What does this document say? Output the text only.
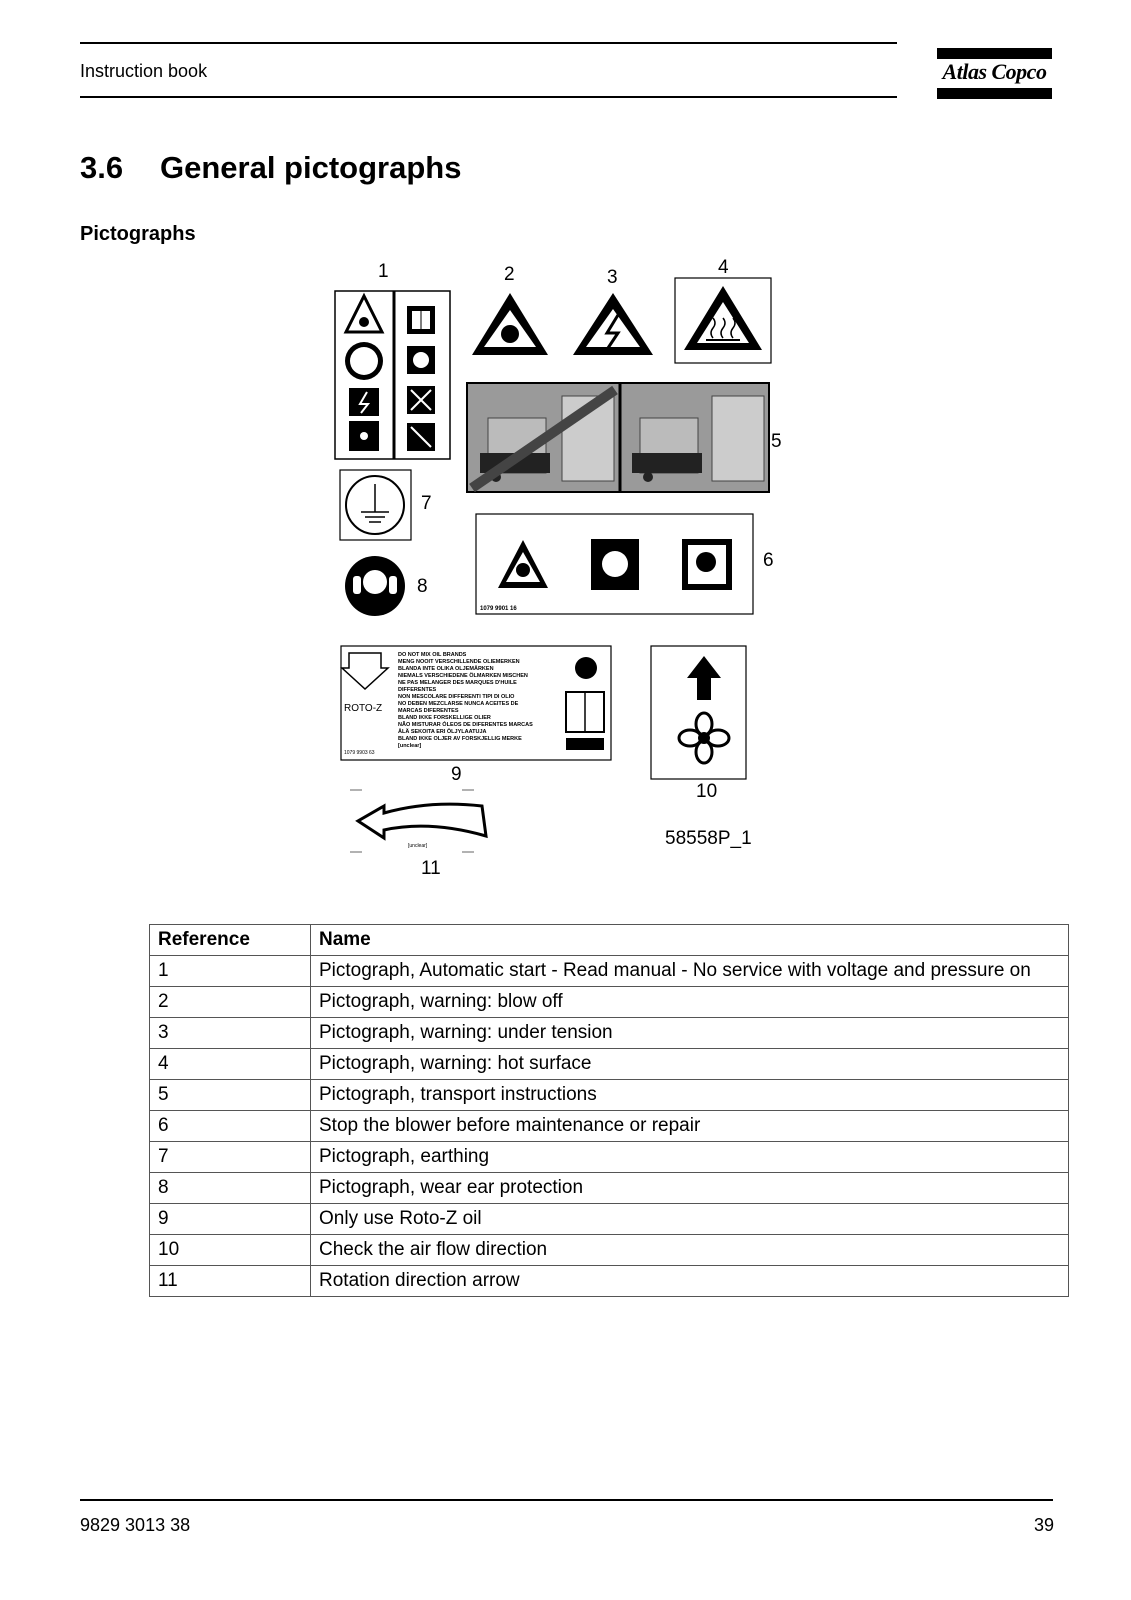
Instruction book	Atlas Copco
3.6 General pictographs
Pictographs
1079 9901 16
ROTO-Z
1079 9903 63
DO NOT MIX OIL BRANDS
MENG NOOIT VERSCHILLENDE OLIEMERKEN
BLANDA INTE OLIKA OLJEMÄRKEN
NIEMALS VERSCHIEDENE ÖLMARKEN MISCHEN
NE PAS MELANGER DES MARQUES D'HUILE
DIFFERENTES
NON MESCOLARE DIFFERENTI TIPI DI OLIO
NO DEBEN MEZCLARSE NUNCA ACEITES DE
MARCAS DIFERENTES
BLAND IKKE FORSKELLIGE OLIER
NÃO MISTURAR ÓLEOS DE DIFERENTES MARCAS
ÄLÄ SEKOITA ERI ÖLJYLAATUJA
BLAND IKKE OLJER AV FORSKJELLIG MERKE
[unclear]
[unclear]
1	2	3	4
5
6
7
8
9
10
11
58558P_1
Reference	Name
1	Pictograph, Automatic start - Read manual - No service with voltage and pressure on
2	Pictograph, warning: blow off
3	Pictograph, warning: under tension
4	Pictograph, warning: hot surface
5	Pictograph, transport instructions
6	Stop the blower before maintenance or repair
7	Pictograph, earthing
8	Pictograph, wear ear protection
9	Only use Roto-Z oil
10	Check the air flow direction
11	Rotation direction arrow
9829 3013 38	39
